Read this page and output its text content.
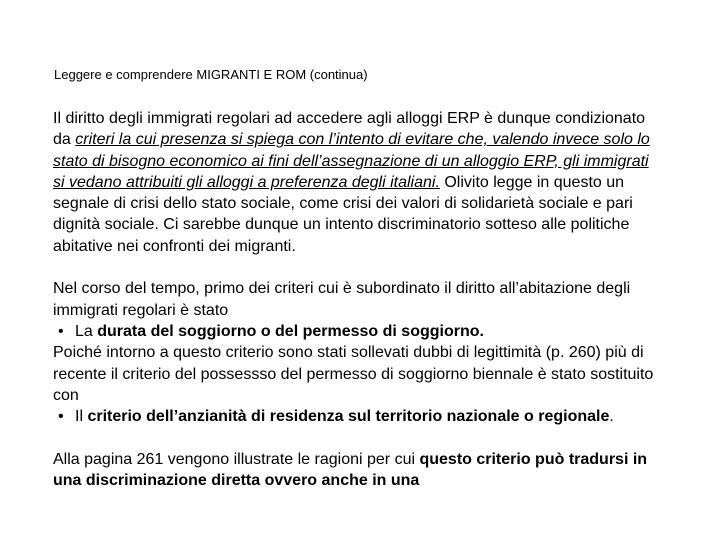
Leggere e comprendere MIGRANTI E ROM (continua)

Il diritto degli immigrati regolari ad accedere agli alloggi ERP è dunque condizionato da criteri la cui presenza si spiega con l’intento di evitare che, valendo invece solo lo stato di bisogno economico ai fini dell’assegnazione di un alloggio ERP, gli immigrati si vedano attribuiti gli alloggi a preferenza degli italiani. Olivito legge in questo un segnale di crisi dello stato sociale, come crisi dei valori di solidarietà sociale e pari dignità sociale. Ci sarebbe dunque un intento discriminatorio sotteso alle politiche abitative nei confronti dei migranti.

Nel corso del tempo, primo dei criteri cui è subordinato il diritto all’abitazione degli immigrati regolari è stato
• La durata del soggiorno o del permesso di soggiorno.
Poiché intorno a questo criterio sono stati sollevati dubbi di legittimità (p. 260) più di recente il criterio del possessso del permesso di soggiorno biennale è stato sostituito con
• Il criterio dell’anzianità di residenza sul territorio nazionale o regionale.

Alla pagina 261 vengono illustrate le ragioni per cui questo criterio può tradursi in una discriminazione diretta ovvero anche in una
